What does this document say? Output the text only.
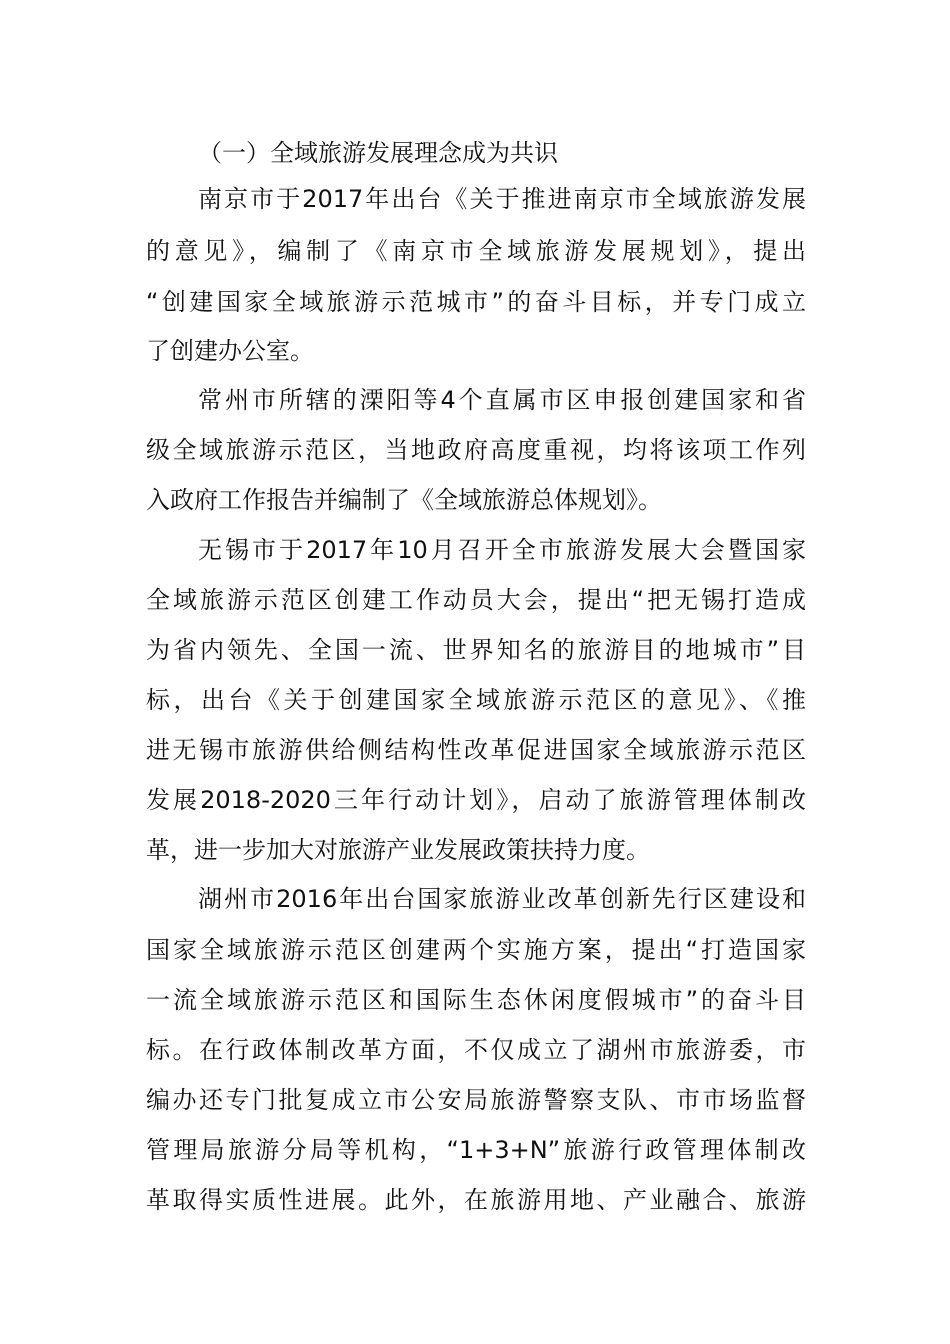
（一）全域旅游发展理念成为共识
南京市于2017年出台《关于推进南京市全域旅游发展
的意见》，编制了《南京市全域旅游发展规划》，提出
“创建国家全域旅游示范城市”的奋斗目标，并专门成立
了创建办公室。
常州市所辖的溧阳等4个直属市区申报创建国家和省
级全域旅游示范区，当地政府高度重视，均将该项工作列
入政府工作报告并编制了《全域旅游总体规划》。
无锡市于2017年10月召开全市旅游发展大会暨国家
全域旅游示范区创建工作动员大会，提出“把无锡打造成
为省内领先、全国一流、世界知名的旅游目的地城市”目
标，出台《关于创建国家全域旅游示范区的意见》、《推
进无锡市旅游供给侧结构性改革促进国家全域旅游示范区
发展2018-2020三年行动计划》，启动了旅游管理体制改
革，进一步加大对旅游产业发展政策扶持力度。
湖州市2016年出台国家旅游业改革创新先行区建设和
国家全域旅游示范区创建两个实施方案，提出“打造国家
一流全域旅游示范区和国际生态休闲度假城市”的奋斗目
标。在行政体制改革方面，不仅成立了湖州市旅游委，市
编办还专门批复成立市公安局旅游警察支队、市市场监督
管理局旅游分局等机构，“1+3+N”旅游行政管理体制改
革取得实质性进展。此外，在旅游用地、产业融合、旅游
